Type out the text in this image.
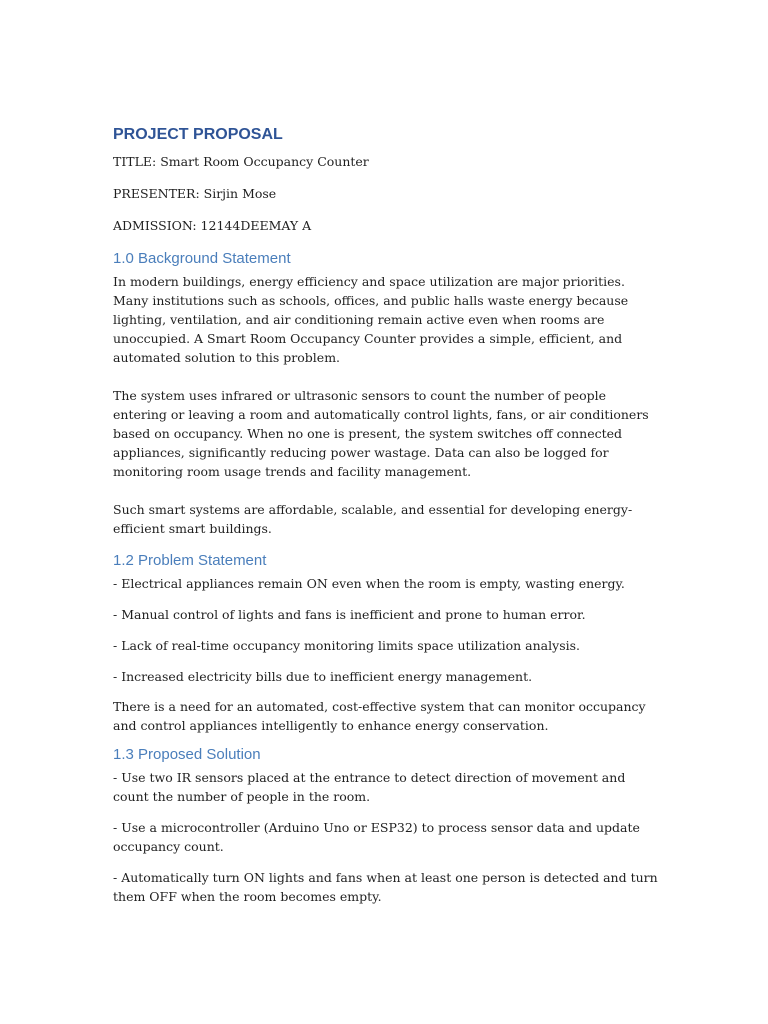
PROJECT PROPOSAL

TITLE: Smart Room Occupancy Counter

PRESENTER: Sirjin Mose

ADMISSION: 12144DEEMAY A

1.0 Background Statement

In modern buildings, energy efficiency and space utilization are major priorities. Many institutions such as schools, offices, and public halls waste energy because lighting, ventilation, and air conditioning remain active even when rooms are unoccupied. A Smart Room Occupancy Counter provides a simple, efficient, and automated solution to this problem.

The system uses infrared or ultrasonic sensors to count the number of people entering or leaving a room and automatically control lights, fans, or air conditioners based on occupancy. When no one is present, the system switches off connected appliances, significantly reducing power wastage. Data can also be logged for monitoring room usage trends and facility management.

Such smart systems are affordable, scalable, and essential for developing energy-efficient smart buildings.

1.2 Problem Statement

- Electrical appliances remain ON even when the room is empty, wasting energy.

- Manual control of lights and fans is inefficient and prone to human error.

- Lack of real-time occupancy monitoring limits space utilization analysis.

- Increased electricity bills due to inefficient energy management.

There is a need for an automated, cost-effective system that can monitor occupancy and control appliances intelligently to enhance energy conservation.

1.3 Proposed Solution

- Use two IR sensors placed at the entrance to detect direction of movement and count the number of people in the room.

- Use a microcontroller (Arduino Uno or ESP32) to process sensor data and update occupancy count.

- Automatically turn ON lights and fans when at least one person is detected and turn them OFF when the room becomes empty.
